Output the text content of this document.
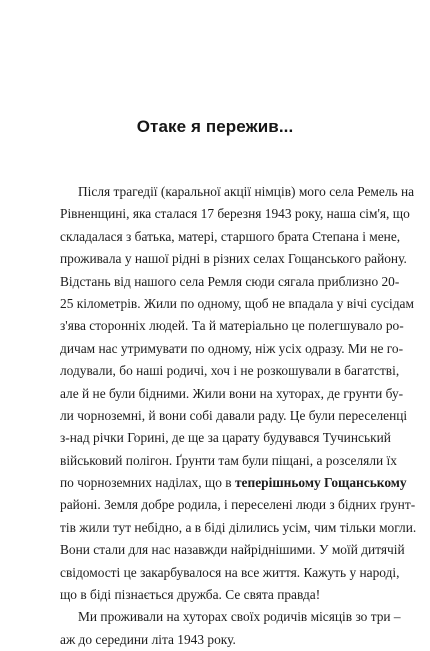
Отаке я пережив...
Після трагедії (каральної акції німців) мого села Ремель на
Рівненщині, яка сталася 17 березня 1943 року, наша сім'я, що
складалася з батька, матері, старшого брата Степана і мене,
проживала у нашої рідні в різних селах Гощанського району.
Відстань від нашого села Ремля сюди сягала приблизно 20-
25 кілометрів. Жили по одному, щоб не впадала у вічі сусідам
з'ява сторонніх людей. Та й матеріально це полегшувало ро-
дичам нас утримувати по одному, ніж усіх одразу. Ми не го-
лодували, бо наші родичі, хоч і не розкошували в багатстві,
але й не були бідними. Жили вони на хуторах, де грунти бу-
ли чорноземні, й вони собі давали раду. Це були переселенці
з-над річки Горині, де ще за царату будувався Тучинський
військовий полігон. Ґрунти там були піщані, а розселяли їх
по чорноземних наділах, що в теперішньому Гощанському
районі. Земля добре родила, і переселені люди з бідних ґрунт-
тів жили тут небідно, а в біді ділились усім, чим тільки могли.
Вони стали для нас назавжди найріднішими. У моїй дитячій
свідомості це закарбувалося на все життя. Кажуть у народі,
що в біді пізнається дружба. Се свята правда!
Ми проживали на хуторах своїх родичів місяців зо три –
аж до середини літа 1943 року.
